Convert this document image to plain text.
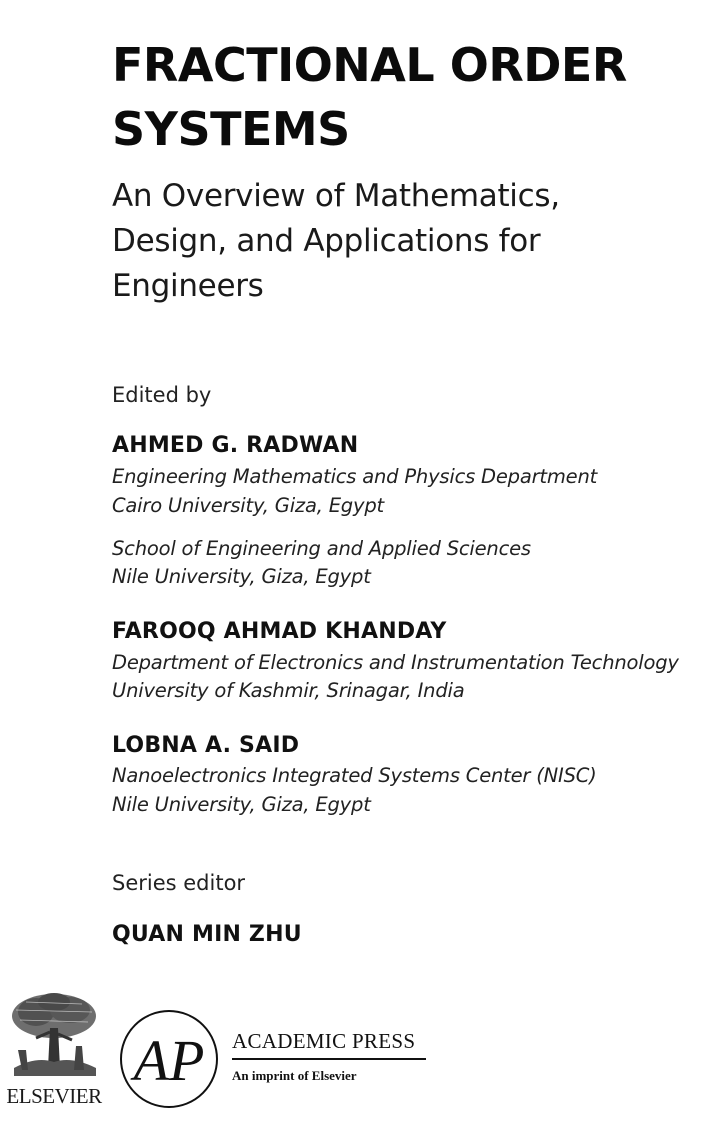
FRACTIONAL ORDER
SYSTEMS
An Overview of Mathematics,
Design, and Applications for
Engineers
Edited by
AHMED G. RADWAN
Engineering Mathematics and Physics Department
Cairo University, Giza, Egypt
School of Engineering and Applied Sciences
Nile University, Giza, Egypt
FAROOQ AHMAD KHANDAY
Department of Electronics and Instrumentation Technology
University of Kashmir, Srinagar, India
LOBNA A. SAID
Nanoelectronics Integrated Systems Center (NISC)
Nile University, Giza, Egypt
Series editor
QUAN MIN ZHU
ELSEVIER
AP ACADEMIC PRESS
An imprint of Elsevier
